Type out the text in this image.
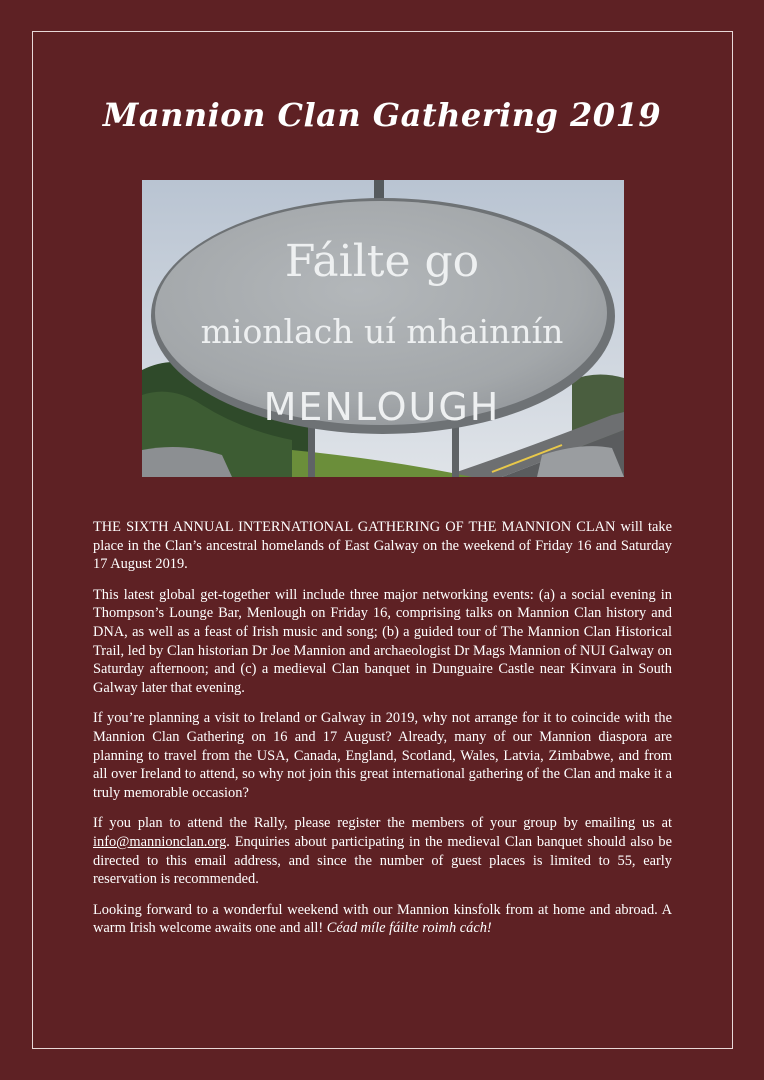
Mannion Clan Gathering 2019
Fáilte go
mionlach uí mhainnín
MENLOUGH

THE SIXTH ANNUAL INTERNATIONAL GATHERING OF THE MANNION CLAN will take place in the Clan’s ancestral homelands of East Galway on the weekend of Friday 16 and Saturday 17 August 2019.

This latest global get-together will include three major networking events: (a) a social evening in Thompson’s Lounge Bar, Menlough on Friday 16, comprising talks on Mannion Clan history and DNA, as well as a feast of Irish music and song; (b) a guided tour of The Mannion Clan Historical Trail, led by Clan historian Dr Joe Mannion and archaeologist Dr Mags Mannion of NUI Galway on Saturday afternoon; and (c) a medieval Clan banquet in Dunguaire Castle near Kinvara in South Galway later that evening.

If you’re planning a visit to Ireland or Galway in 2019, why not arrange for it to coincide with the Mannion Clan Gathering on 16 and 17 August? Already, many of our Mannion diaspora are planning to travel from the USA, Canada, England, Scotland, Wales, Latvia, Zimbabwe, and from all over Ireland to attend, so why not join this great international gathering of the Clan and make it a truly memorable occasion?

If you plan to attend the Rally, please register the members of your group by emailing us at info@mannionclan.org. Enquiries about participating in the medieval Clan banquet should also be directed to this email address, and since the number of guest places is limited to 55, early reservation is recommended.

Looking forward to a wonderful weekend with our Mannion kinsfolk from at home and abroad. A warm Irish welcome awaits one and all! Céad míle fáilte roimh cách!
